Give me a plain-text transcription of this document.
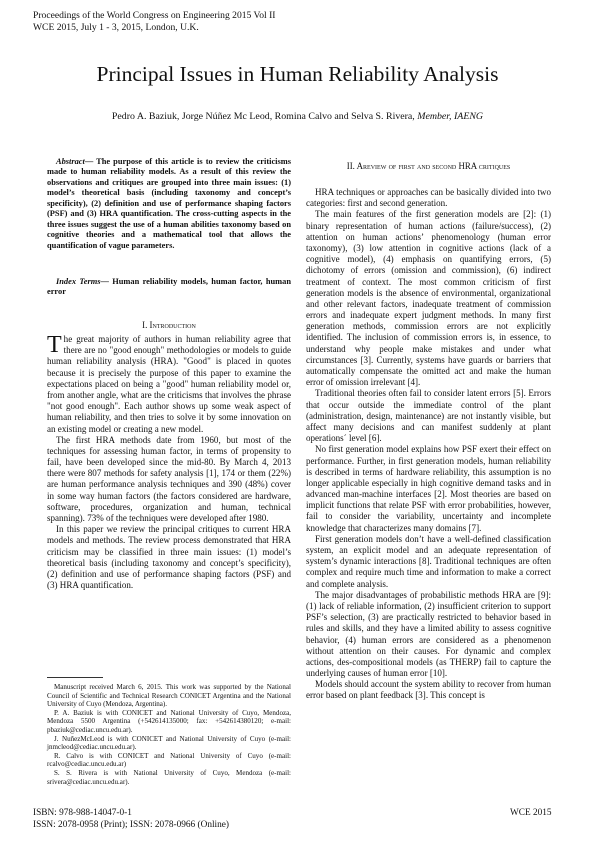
Proceedings of the World Congress on Engineering 2015 Vol II
WCE 2015, July 1 - 3, 2015, London, U.K.
Principal Issues in Human Reliability Analysis
Pedro A. Baziuk, Jorge Núñez Mc Leod, Romina Calvo and Selva S. Rivera, Member, IAENG

Abstract— The purpose of this article is to review the criticisms made to human reliability models. As a result of this review the observations and critiques are grouped into three main issues: (1) model’s theoretical basis (including taxonomy and concept’s specificity), (2) definition and use of performance shaping factors (PSF) and (3) HRA quantification. The cross-cutting aspects in the three issues suggest the use of a human abilities taxonomy based on cognitive theories and a mathematical tool that allows the quantification of vague parameters.

Index Terms— Human reliability models, human factor, human error

I. Introduction

The great majority of authors in human reliability agree that there are no "good enough" methodologies or models to guide human reliability analysis (HRA). "Good" is placed in quotes because it is precisely the purpose of this paper to examine the expectations placed on being a "good" human reliability model or, from another angle, what are the criticisms that involves the phrase "not good enough". Each author shows up some weak aspect of human reliability, and then tries to solve it by some innovation on an existing model or creating a new model.

The first HRA methods date from 1960, but most of the techniques for assessing human factor, in terms of propensity to fail, have been developed since the mid-80. By March 4, 2013 there were 807 methods for safety analysis [1], 174 or them (22%) are human performance analysis techniques and 390 (48%) cover in some way human factors (the factors considered are hardware, software, procedures, organization and human, technical spanning). 73% of the techniques were developed after 1980.

In this paper we review the principal critiques to current HRA models and methods. The review process demonstrated that HRA criticism may be classified in three main issues: (1) model’s theoretical basis (including taxonomy and concept’s specificity), (2) definition and use of performance shaping factors (PSF) and (3) HRA quantification.

Manuscript received March 6, 2015. This work was supported by the National Council of Scientific and Technical Research CONICET Argentina and the National University of Cuyo (Mendoza, Argentina).

P. A. Baziuk is with CONICET and National University of Cuyo, Mendoza, Mendoza 5500 Argentina (+542614135000; fax: +542614380120; e-mail: pbaziuk@cediac.uncu.edu.ar).

J. NuñezMcLeod is with CONICET and National University of Cuyo (e-mail: jnmcleod@cediac.uncu.edu.ar).

R. Calvo is with CONICET and National University of Cuyo (e-mail: rcalvo@cediac.uncu.edu.ar)

S. S. Rivera is with National University of Cuyo, Mendoza (e-mail: srivera@cediac.uncu.edu.ar).

II. Areview of first and second HRA critiques

HRA techniques or approaches can be basically divided into two categories: first and second generation.

The main features of the first generation models are [2]: (1) binary representation of human actions (failure/success), (2) attention on human actions’ phenomenology (human error taxonomy), (3) low attention in cognitive actions (lack of a cognitive model), (4) emphasis on quantifying errors, (5) dichotomy of errors (omission and commission), (6) indirect treatment of context. The most common criticism of first generation models is the absence of environmental, organizational and other relevant factors, inadequate treatment of commission errors and inadequate expert judgment methods. In many first generation methods, commission errors are not explicitly identified. The inclusion of commission errors is, in essence, to understand why people make mistakes and under what circumstances [3]. Currently, systems have guards or barriers that automatically compensate the omitted act and make the human error of omission irrelevant [4].

Traditional theories often fail to consider latent errors [5]. Errors that occur outside the immediate control of the plant (administration, design, maintenance) are not instantly visible, but affect many decisions and can manifest suddenly at plant operations´ level [6].

No first generation model explains how PSF exert their effect on performance. Further, in first generation models, human reliability is described in terms of hardware reliability, this assumption is no longer applicable especially in high cognitive demand tasks and in advanced man-machine interfaces [2]. Most theories are based on implicit functions that relate PSF with error probabilities, however, fail to consider the variability, uncertainty and incomplete knowledge that characterizes many domains [7].

First generation models don’t have a well-defined classification system, an explicit model and an adequate representation of system’s dynamic interactions [8]. Traditional techniques are often complex and require much time and information to make a correct and complete analysis.

The major disadvantages of probabilistic methods HRA are [9]: (1) lack of reliable information, (2) insufficient criterion to support PSF’s selection, (3) are practically restricted to behavior based in rules and skills, and they have a limited ability to assess cognitive behavior, (4) human errors are considered as a phenomenon without attention on their causes. For dynamic and complex actions, des-compositional models (as THERP) fail to capture the underlying causes of human error [10].

Models should account the system ability to recover from human error based on plant feedback [3]. This concept is

ISBN: 978-988-14047-0-1
ISSN: 2078-0958 (Print); ISSN: 2078-0966 (Online)
WCE 2015
